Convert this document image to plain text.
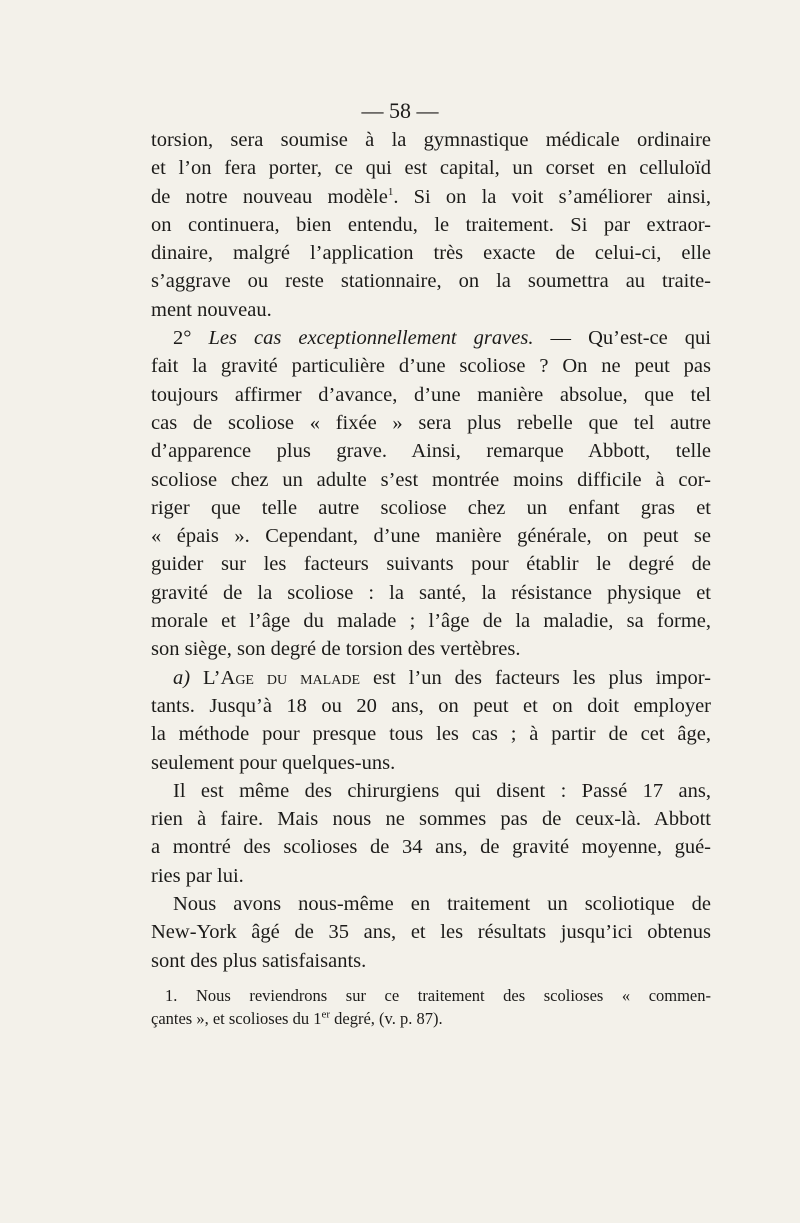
— 58 —

torsion, sera soumise à la gymnastique médicale ordinaire
et l’on fera porter, ce qui est capital, un corset en celluloïd
de notre nouveau modèle$^1$. Si on la voit s’améliorer ainsi,
on continuera, bien entendu, le traitement. Si par extraor-
dinaire, malgré l’application très exacte de celui-ci, elle
s’aggrave ou reste stationnaire, on la soumettra au traite-
ment nouveau.

2° Les cas exceptionnellement graves. — Qu’est-ce qui
fait la gravité particulière d’une scoliose ? On ne peut pas
toujours affirmer d’avance, d’une manière absolue, que tel
cas de scoliose « fixée » sera plus rebelle que tel autre
d’apparence plus grave. Ainsi, remarque Abbott, telle
scoliose chez un adulte s’est montrée moins difficile à cor-
riger que telle autre scoliose chez un enfant gras et
« épais ». Cependant, d’une manière générale, on peut se
guider sur les facteurs suivants pour établir le degré de
gravité de la scoliose : la santé, la résistance physique et
morale et l’âge du malade ; l’âge de la maladie, sa forme,
son siège, son degré de torsion des vertèbres.

a) L’Age du malade est l’un des facteurs les plus impor-
tants. Jusqu’à 18 ou 20 ans, on peut et on doit employer
la méthode pour presque tous les cas ; à partir de cet âge,
seulement pour quelques-uns.

Il est même des chirurgiens qui disent : Passé 17 ans,
rien à faire. Mais nous ne sommes pas de ceux-là. Abbott
a montré des scolioses de 34 ans, de gravité moyenne, gué-
ries par lui.

Nous avons nous-même en traitement un scoliotique de
New-York âgé de 35 ans, et les résultats jusqu’ici obtenus
sont des plus satisfaisants.

1. Nous reviendrons sur ce traitement des scolioses « commen-
çantes », et scolioses du 1er degré, (v. p. 87).
